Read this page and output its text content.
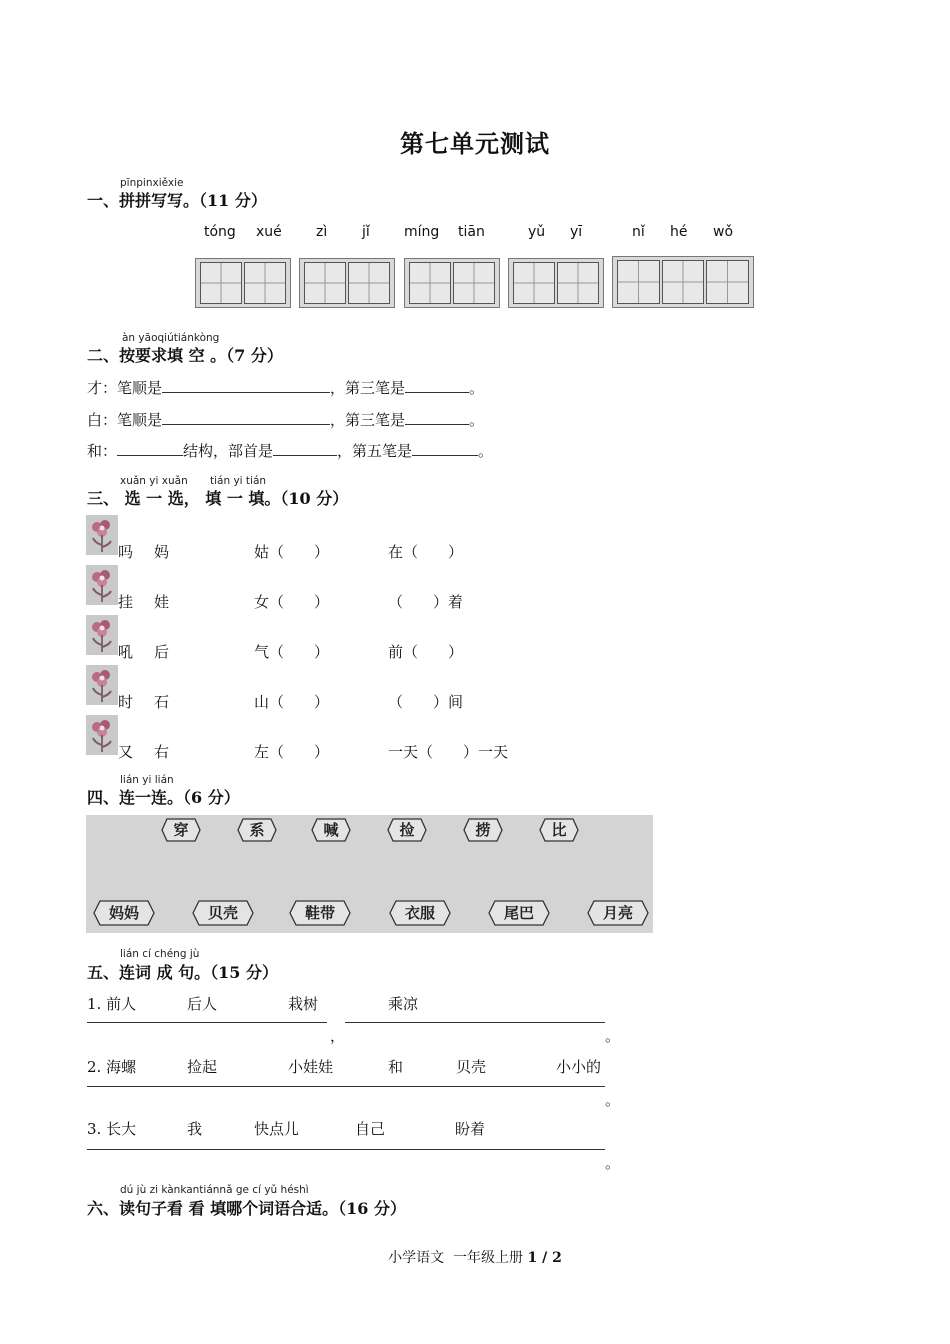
第七单元测试
pīnpinxiěxie
一、拼拼写写。（11 分）
tóng xué zì jǐ míng tiān	yǔ yī	nǐ hé wǒ
àn yāoqiútiánkòng
二、按要求填 空 。（7 分）
才：笔顺是	，第三笔是	。
白：笔顺是	，第三笔是	。
和：	结构，部首是	，第五笔是	。
xuǎn yi xuǎn tián yi tián
三、 选 一 选， 填 一 填。（10 分）
吗 妈	姑（　　）	在（　　）
挂 娃	女（　　）	（　　）着
吼 后	气（　　）	前（　　）
时 石	山（　　）	（　　）间
又 右	左（　　）	一天（　　）一天
lián yi lián
四、连一连。（6 分）
穿	系	喊	捡	捞	比
妈妈	贝壳	鞋带	衣服	尾巴	月亮
lián cí chéng jù
五、连词 成 句。（15 分）
1. 前人	后人	栽树	乘凉
，	。
2. 海螺	捡起	小娃娃	和	贝壳	小小的
。
3. 长大	我	快点儿	自己	盼着
。
dú jù zi kànkantiánnǎ ge cí yǔ héshì
六、读句子看 看 填哪个词语合适。（16 分）
小学语文  一年级上册 1 / 2
